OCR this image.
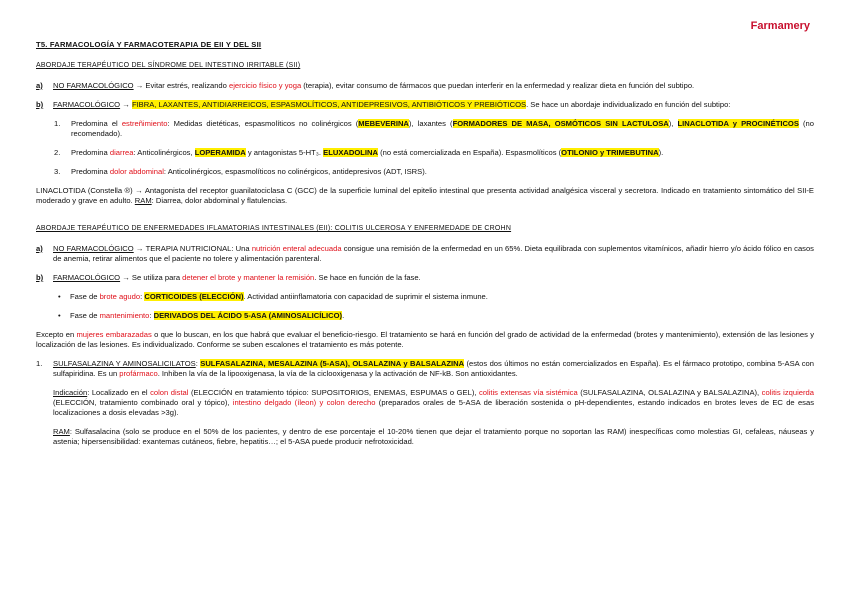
Farmamery
T5. FARMACOLOGÍA Y FARMACOTERAPIA DE EII Y DEL SII
ABORDAJE TERAPÉUTICO DEL SÍNDROME DEL INTESTINO IRRITABLE (SII)
a) NO FARMACOLÓGICO → Evitar estrés, realizando ejercicio físico y yoga (terapia), evitar consumo de fármacos que puedan interferir en la enfermedad y realizar dieta en función del subtipo.
b) FARMACOLÓGICO → FIBRA, LAXANTES, ANTIDIARREICOS, ESPASMOLÍTICOS, ANTIDEPRESIVOS, ANTIBIÓTICOS Y PREBIÓTICOS. Se hace un abordaje individualizado en función del subtipo:
1.	Predomina el estreñimiento: Medidas dietéticas, espasmolíticos no colinérgicos (MEBEVERINA), laxantes (FORMADORES DE MASA, OSMÓTICOS SIN LACTULOSA), LINACLOTIDA y PROCINÉTICOS (no recomendado).
2.	Predomina diarrea: Anticolinérgicos, LOPERAMIDA y antagonistas 5-HT₃. ELUXADOLINA (no está comercializada en España). Espasmolíticos (OTILONIO y TRIMEBUTINA).
3.	Predomina dolor abdominal: Anticolinérgicos, espasmolíticos no colinérgicos, antidepresivos (ADT, ISRS).
LINACLOTIDA (Constella ®) → Antagonista del receptor guanilatociclasa C (GCC) de la superficie luminal del epitelio intestinal que presenta actividad analgésica visceral y secretora. Indicado en tratamiento sintomático del SII-E moderado y grave en adulto. RAM: Diarrea, dolor abdominal y flatulencias.
ABORDAJE TERAPÉUTICO DE ENFERMEDADES IFLAMATORIAS INTESTINALES (EII): COLITIS ULCEROSA Y ENFERMEDADE DE CROHN
a) NO FARMACOLÓGICO → TERAPIA NUTRICIONAL: Una nutrición enteral adecuada consigue una remisión de la enfermedad en un 65%. Dieta equilibrada con suplementos vitamínicos, añadir hierro y/o ácido fólico en casos de anemia, retirar alimentos que el paciente no tolere y alimentación parenteral.
b) FARMACOLÓGICO → Se utiliza para detener el brote y mantener la remisión. Se hace en función de la fase.
•	Fase de brote agudo: CORTICOIDES (ELECCIÓN). Actividad antiinflamatoria con capacidad de suprimir el sistema inmune.
•	Fase de mantenimiento: DERIVADOS DEL ÁCIDO 5-ASA (AMINOSALICÍLICO).
Excepto en mujeres embarazadas o que lo buscan, en los que habrá que evaluar el beneficio-riesgo. El tratamiento se hará en función del grado de actividad de la enfermedad (brotes y mantenimiento), extensión de las lesiones y localización de las lesiones. Es individualizado. Conforme se suben escalones el tratamiento es más potente.
1. SULFASALAZINA Y AMINOSALICILATOS: SULFASALAZINA, MESALAZINA (5-ASA), OLSALAZINA y BALSALAZINA (estos dos últimos no están comercializados en España). Es el fármaco prototipo, combina 5-ASA con sulfapiridina. Es un profármaco. Inhiben la vía de la lipooxigenasa, la vía de la ciclooxigenasa y la activación de NF-kB. Son antioxidantes.
Indicación: Localizado en el colon distal (ELECCIÓN en tratamiento tópico: SUPOSITORIOS, ENEMAS, ESPUMAS o GEL), colitis extensas vía sistémica (SULFASALAZINA, OLSALAZINA y BALSALAZINA), colitis izquierda (ELECCIÓN, tratamiento combinado oral y tópico), intestino delgado (íleon) y colon derecho (preparados orales de 5-ASA de liberación sostenida o pH-dependientes, estando indicados en brotes leves de EC de esas localizaciones a dosis elevadas >3g).
RAM: Sulfasalacina (solo se produce en el 50% de los pacientes, y dentro de ese porcentaje el 10-20% tienen que dejar el tratamiento porque no soportan las RAM) inespecíficas como molestias GI, cefaleas, náuseas y astenia; hipersensibilidad: exantemas cutáneos, fiebre, hepatitis…; el 5-ASA puede producir nefrotoxicidad.
